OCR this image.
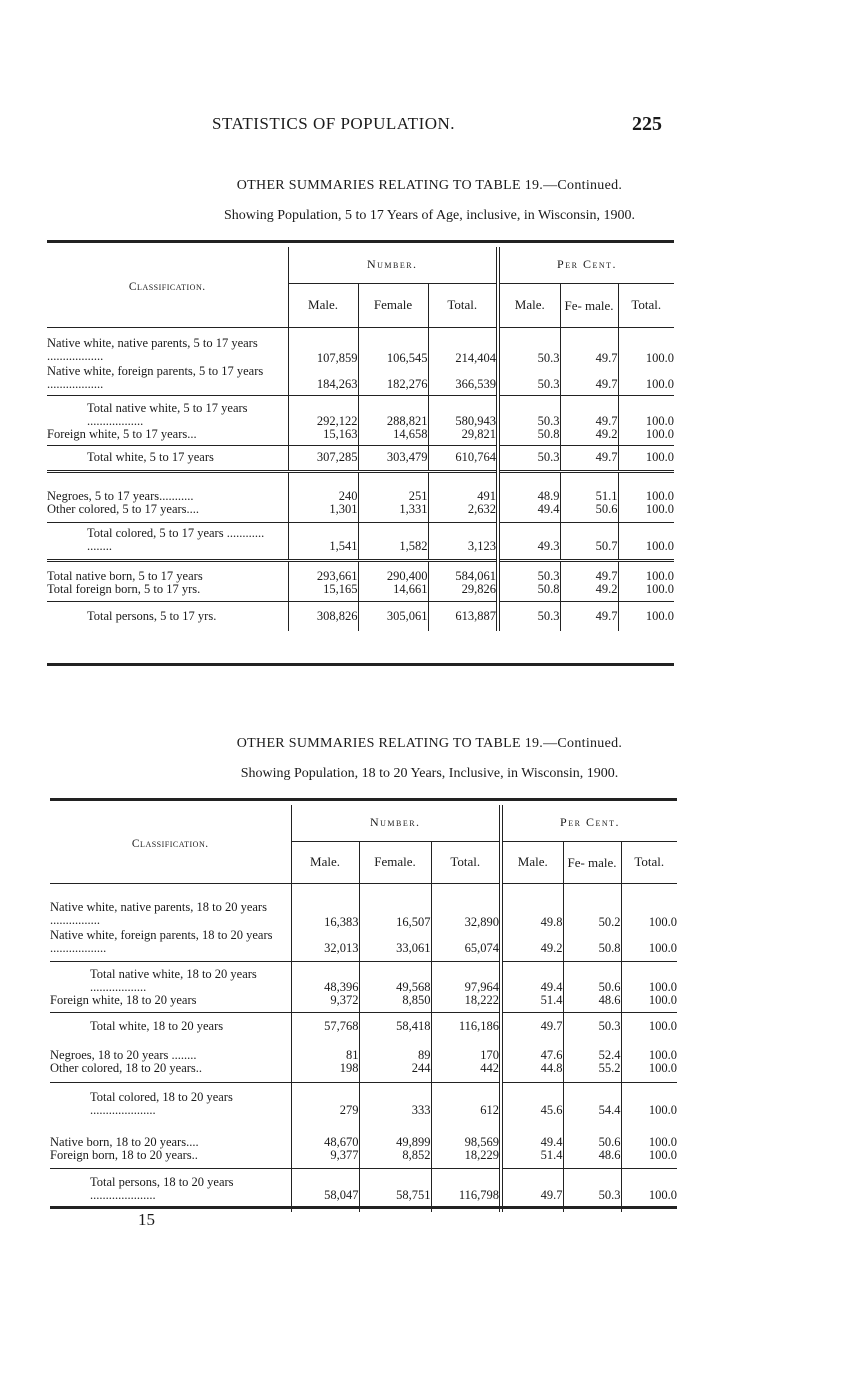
STATISTICS OF POPULATION.	225
OTHER SUMMARIES RELATING TO TABLE 19.—Continued.
Showing Population, 5 to 17 Years of Age, inclusive, in Wisconsin, 1900.
Classification.	Number.			Per Cent.		
	Male.	Female	Total.	Male.	Fe- male.	Total.
Native white, native parents, 5 to 17 years ..................	107,859	106,545	214,404	50.3	49.7	100.0
Native white, foreign parents, 5 to 17 years ..................	184,263	182,276	366,539	50.3	49.7	100.0
Total native white, 5 to 17 years ..................	292,122	288,821	580,943	50.3	49.7	100.0
Foreign white, 5 to 17 years...	15,163	14,658	29,821	50.8	49.2	100.0
Total white, 5 to 17 years	307,285	303,479	610,764	50.3	49.7	100.0
Negroes, 5 to 17 years...........	240	251	491	48.9	51.1	100.0
Other colored, 5 to 17 years....	1,301	1,331	2,632	49.4	50.6	100.0
Total colored, 5 to 17 years ............ ........	1,541	1,582	3,123	49.3	50.7	100.0
Total native born, 5 to 17 years	293,661	290,400	584,061	50.3	49.7	100.0
Total foreign born, 5 to 17 yrs.	15,165	14,661	29,826	50.8	49.2	100.0
Total persons, 5 to 17 yrs.	308,826	305,061	613,887	50.3	49.7	100.0
OTHER SUMMARIES RELATING TO TABLE 19.—Continued.
Showing Population, 18 to 20 Years, Inclusive, in Wisconsin, 1900.
Classification.	Number.			Per Cent.		
	Male.	Female.	Total.	Male.	Fe- male.	Total.
Native white, native parents, 18 to 20 years ................	16,383	16,507	32,890	49.8	50.2	100.0
Native white, foreign parents, 18 to 20 years ..................	32,013	33,061	65,074	49.2	50.8	100.0
Total native white, 18 to 20 years ..................	48,396	49,568	97,964	49.4	50.6	100.0
Foreign white, 18 to 20 years	9,372	8,850	18,222	51.4	48.6	100.0
Total white, 18 to 20 years	57,768	58,418	116,186	49.7	50.3	100.0
Negroes, 18 to 20 years ........	81	89	170	47.6	52.4	100.0
Other colored, 18 to 20 years..	198	244	442	44.8	55.2	100.0
Total colored, 18 to 20 years .....................	279	333	612	45.6	54.4	100.0
Native born, 18 to 20 years....	48,670	49,899	98,569	49.4	50.6	100.0
Foreign born, 18 to 20 years..	9,377	8,852	18,229	51.4	48.6	100.0
Total persons, 18 to 20 years .....................	58,047	58,751	116,798	49.7	50.3	100.0
15
